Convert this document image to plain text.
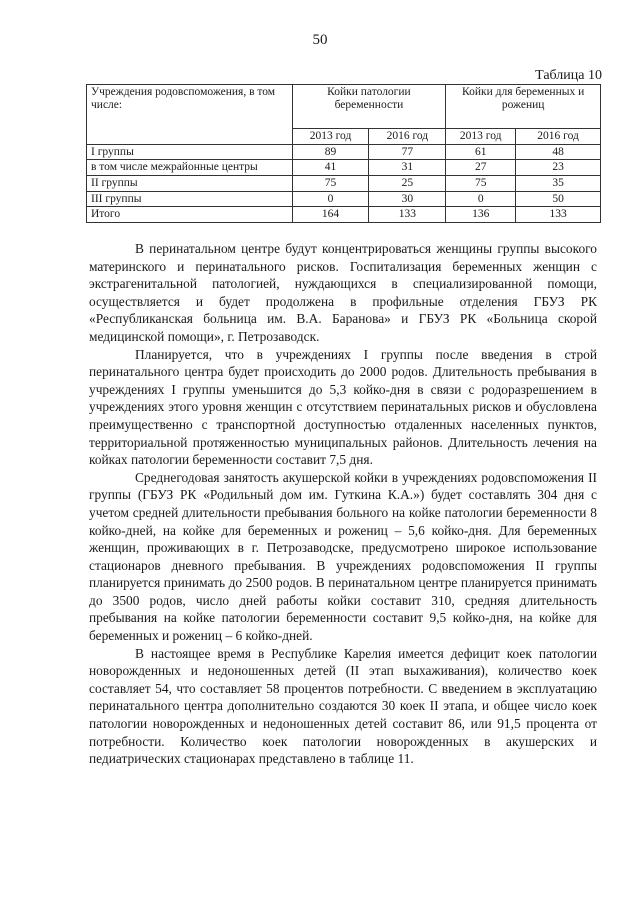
50
Таблица 10
Учреждения родовспоможения, в том числе:	Койки патологии беременности		Койки для беременных и рожениц	
	2013 год	2016 год	2013 год	2016 год
I группы	89	77	61	48
в том числе межрайонные центры	41	31	27	23
II группы	75	25	75	35
III группы	0	30	0	50
Итого	164	133	136	133

В перинатальном центре будут концентрироваться женщины группы высокого материнского и перинатального рисков. Госпитализация беременных женщин с экстрагенитальной патологией, нуждающихся в специализированной помощи, осуществляется и будет продолжена в профильные отделения ГБУЗ РК «Республиканская больница им. В.А. Баранова» и ГБУЗ РК «Больница скорой медицинской помощи», г. Петрозаводск.

Планируется, что в учреждениях I группы после введения в строй перинатального центра будет происходить до 2000 родов. Длительность пребывания в учреждениях I группы уменьшится до 5,3 койко-дня в связи с родоразрешением в учреждениях этого уровня женщин с отсутствием перинатальных рисков и обусловлена преимущественно с транспортной доступностью отдаленных населенных пунктов, территориальной протяженностью муниципальных районов. Длительность лечения на койках патологии беременности составит 7,5 дня.

Среднегодовая занятость акушерской койки в учреждениях родовспоможения II группы (ГБУЗ РК «Родильный дом им. Гуткина К.А.») будет составлять 304 дня с учетом средней длительности пребывания больного на койке патологии беременности 8 койко-дней, на койке для беременных и рожениц – 5,6 койко-дня. Для беременных женщин, проживающих в г. Петрозаводске, предусмотрено широкое использование стационаров дневного пребывания. В учреждениях родовспоможения II группы планируется принимать до 2500 родов. В перинатальном центре планируется принимать до 3500 родов, число дней работы койки составит 310, средняя длительность пребывания на койке патологии беременности составит 9,5 койко-дня, на койке для беременных и рожениц – 6 койко-дней.

В настоящее время в Республике Карелия имеется дефицит коек патологии новорожденных и недоношенных детей (II этап выхаживания), количество коек составляет 54, что составляет 58 процентов потребности. С введением в эксплуатацию перинатального центра дополнительно создаются 30 коек II этапа, и общее число коек патологии новорожденных и недоношенных детей составит 86, или 91,5 процента от потребности. Количество коек патологии новорожденных в акушерских и педиатрических стационарах представлено в таблице 11.
